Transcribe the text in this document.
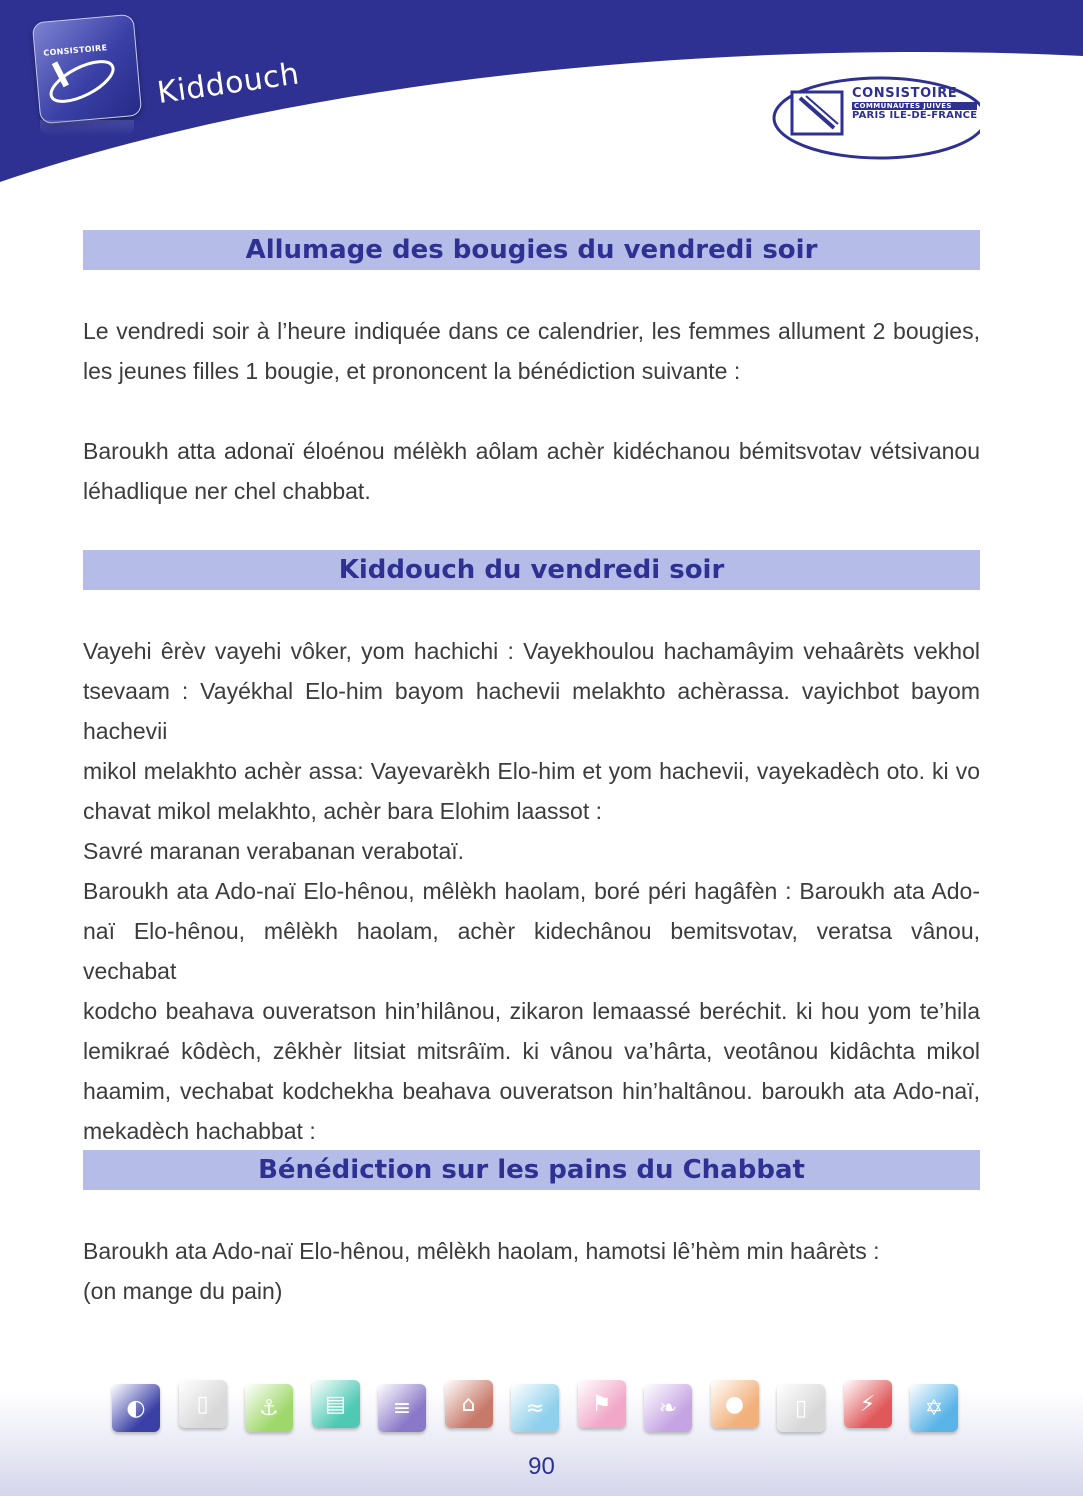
CONSISTOIRE
Kiddouch	CONSISTOIRE
COMMUNAUTES JUIVES
PARIS ILE-DE-FRANCE
Allumage des bougies du vendredi soir
Le vendredi soir à l’heure indiquée dans ce calendrier, les femmes allument 2 bougies,
les jeunes filles 1 bougie, et prononcent la bénédiction suivante :

Baroukh atta adonaï éloénou mélèkh aôlam achèr kidéchanou bémitsvotav vétsivanou
léhadlique ner chel chabbat.
Kiddouch du vendredi soir
Vayehi êrèv vayehi vôker, yom hachichi : Vayekhoulou hachamâyim vehaârèts vekhol
tsevaam : Vayékhal Elo-him bayom hachevii melakhto achèrassa. vayichbot bayom hachevii
mikol melakhto achèr assa: Vayevarèkh Elo-him et yom hachevii, vayekadèch oto. ki vo
chavat mikol melakhto, achèr bara Elohim laassot :
Savré maranan verabanan verabotaï.
Baroukh ata Ado-naï Elo-hênou, mêlèkh haolam, boré péri hagâfèn : Baroukh ata Ado-
naï Elo-hênou, mêlèkh haolam, achèr kidechânou bemitsvotav, veratsa vânou, vechabat
kodcho beahava ouveratson hin’hilânou, zikaron lemaassé beréchit. ki hou yom te’hila
lemikraé kôdèch, zêkhèr litsiat mitsrâïm. ki vânou va’hârta, veotânou kidâchta mikol
haamim, vechabat kodchekha beahava ouveratson hin’haltânou. baroukh ata Ado-naï,
mekadèch hachabbat :
Bénédiction sur les pains du Chabbat
Baroukh ata Ado-naï Elo-hênou, mêlèkh haolam, hamotsi lê’hèm min haârèts :
(on mange du pain)
◐	▯	⚓	▤	≡	⌂	≈	⚑	❧	●	▯	⚡	✡
90
